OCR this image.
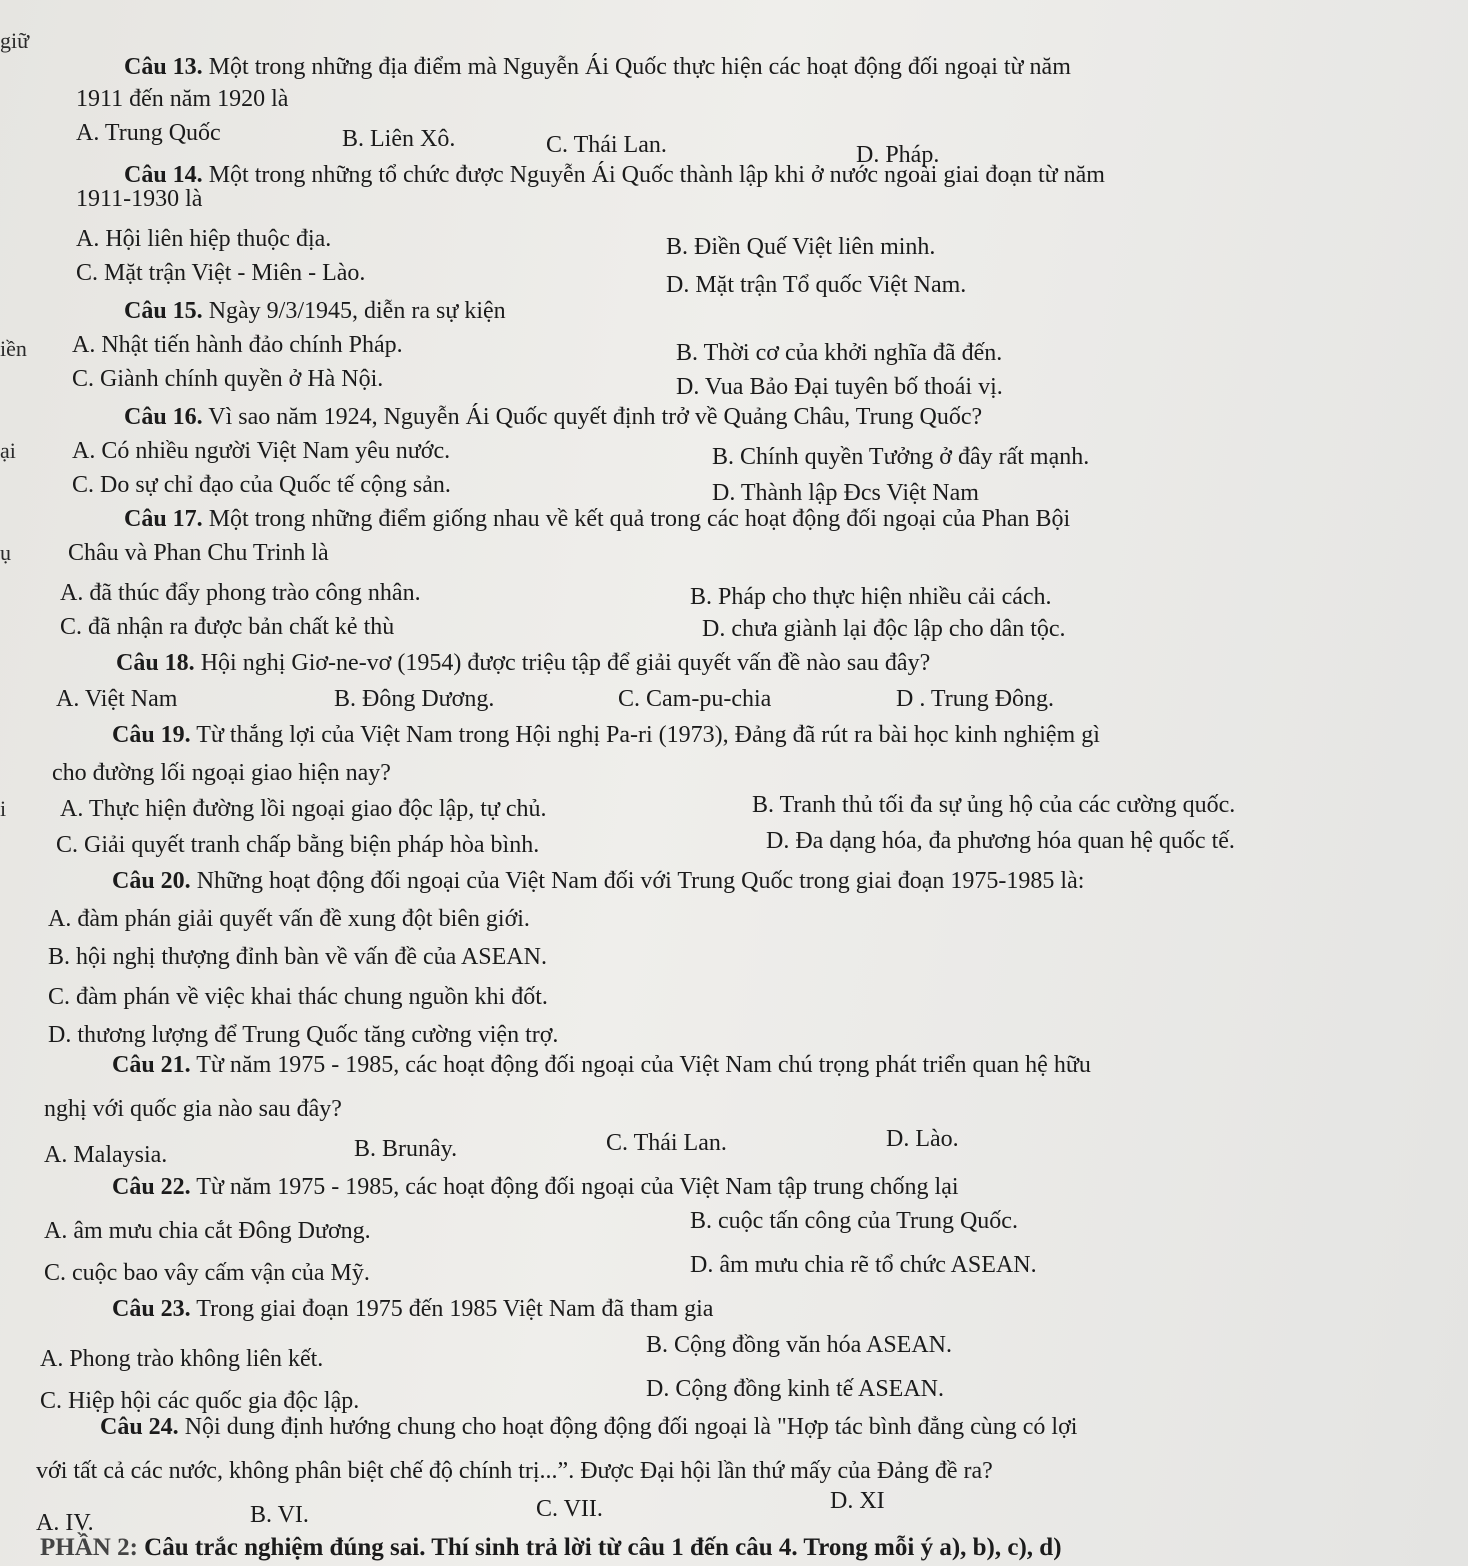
giữ
iền
ại
ụ
i
Câu 13. Một trong những địa điểm mà Nguyễn Ái Quốc thực hiện các hoạt động đối ngoại từ năm
1911 đến năm 1920 là
A. Trung Quốc	B. Liên Xô.	C. Thái Lan.	D. Pháp.
Câu 14. Một trong những tổ chức được Nguyễn Ái Quốc thành lập khi ở nước ngoài giai đoạn từ năm
1911-1930 là
A. Hội liên hiệp thuộc địa.	B. Điền Quế Việt liên minh.
C. Mặt trận Việt - Miên - Lào.	D. Mặt trận Tổ quốc Việt Nam.
Câu 15. Ngày 9/3/1945, diễn ra sự kiện
A. Nhật tiến hành đảo chính Pháp.	B. Thời cơ của khởi nghĩa đã đến.
C. Giành chính quyền ở Hà Nội.	D. Vua Bảo Đại tuyên bố thoái vị.
Câu 16. Vì sao năm 1924, Nguyễn Ái Quốc quyết định trở về Quảng Châu, Trung Quốc?
A. Có nhiều người Việt Nam yêu nước.	B. Chính quyền Tưởng ở đây rất mạnh.
C. Do sự chỉ đạo của Quốc tế cộng sản.	D. Thành lập Đcs Việt Nam
Câu 17. Một trong những điểm giống nhau về kết quả trong các hoạt động đối ngoại của Phan Bội
Châu và Phan Chu Trinh là
A. đã thúc đẩy phong trào công nhân.	B. Pháp cho thực hiện nhiều cải cách.
C. đã nhận ra được bản chất kẻ thù	D. chưa giành lại độc lập cho dân tộc.
Câu 18. Hội nghị Giơ-ne-vơ (1954) được triệu tập để giải quyết vấn đề nào sau đây?
A. Việt Nam	B. Đông Dương.	C. Cam-pu-chia	D . Trung Đông.
Câu 19. Từ thắng lợi của Việt Nam trong Hội nghị Pa-ri (1973), Đảng đã rút ra bài học kinh nghiệm gì
cho đường lối ngoại giao hiện nay?
A. Thực hiện đường lồi ngoại giao độc lập, tự chủ.	B. Tranh thủ tối đa sự ủng hộ của các cường quốc.
C. Giải quyết tranh chấp bằng biện pháp hòa bình.	D. Đa dạng hóa, đa phương hóa quan hệ quốc tế.
Câu 20. Những hoạt động đối ngoại của Việt Nam đối với Trung Quốc trong giai đoạn 1975-1985 là:
A. đàm phán giải quyết vấn đề xung đột biên giới.
B. hội nghị thượng đỉnh bàn về vấn đề của ASEAN.
C. đàm phán về việc khai thác chung nguồn khi đốt.
D. thương lượng để Trung Quốc tăng cường viện trợ.
Câu 21. Từ năm 1975 - 1985, các hoạt động đối ngoại của Việt Nam chú trọng phát triển quan hệ hữu
nghị với quốc gia nào sau đây?
A. Malaysia.	B. Brunây.	C. Thái Lan.	D. Lào.
Câu 22. Từ năm 1975 - 1985, các hoạt động đối ngoại của Việt Nam tập trung chống lại
A. âm mưu chia cắt Đông Dương.	B. cuộc tấn công của Trung Quốc.
C. cuộc bao vây cấm vận của Mỹ.	D. âm mưu chia rẽ tổ chức ASEAN.
Câu 23. Trong giai đoạn 1975 đến 1985 Việt Nam đã tham gia
A. Phong trào không liên kết.
B. Cộng đồng văn hóa ASEAN.
C. Hiệp hội các quốc gia độc lập.	D. Cộng đồng kinh tế ASEAN.
Câu 24. Nội dung định hướng chung cho hoạt động động đối ngoại là "Hợp tác bình đẳng cùng có lợi
với tất cả các nước, không phân biệt chế độ chính trị...”. Được Đại hội lần thứ mấy của Đảng đề ra?
A. IV.	B. VI.	C. VII.	D. XI
PHẦN 2: Câu trắc nghiệm đúng sai. Thí sinh trả lời từ câu 1 đến câu 4. Trong mỗi ý a), b), c), d)
